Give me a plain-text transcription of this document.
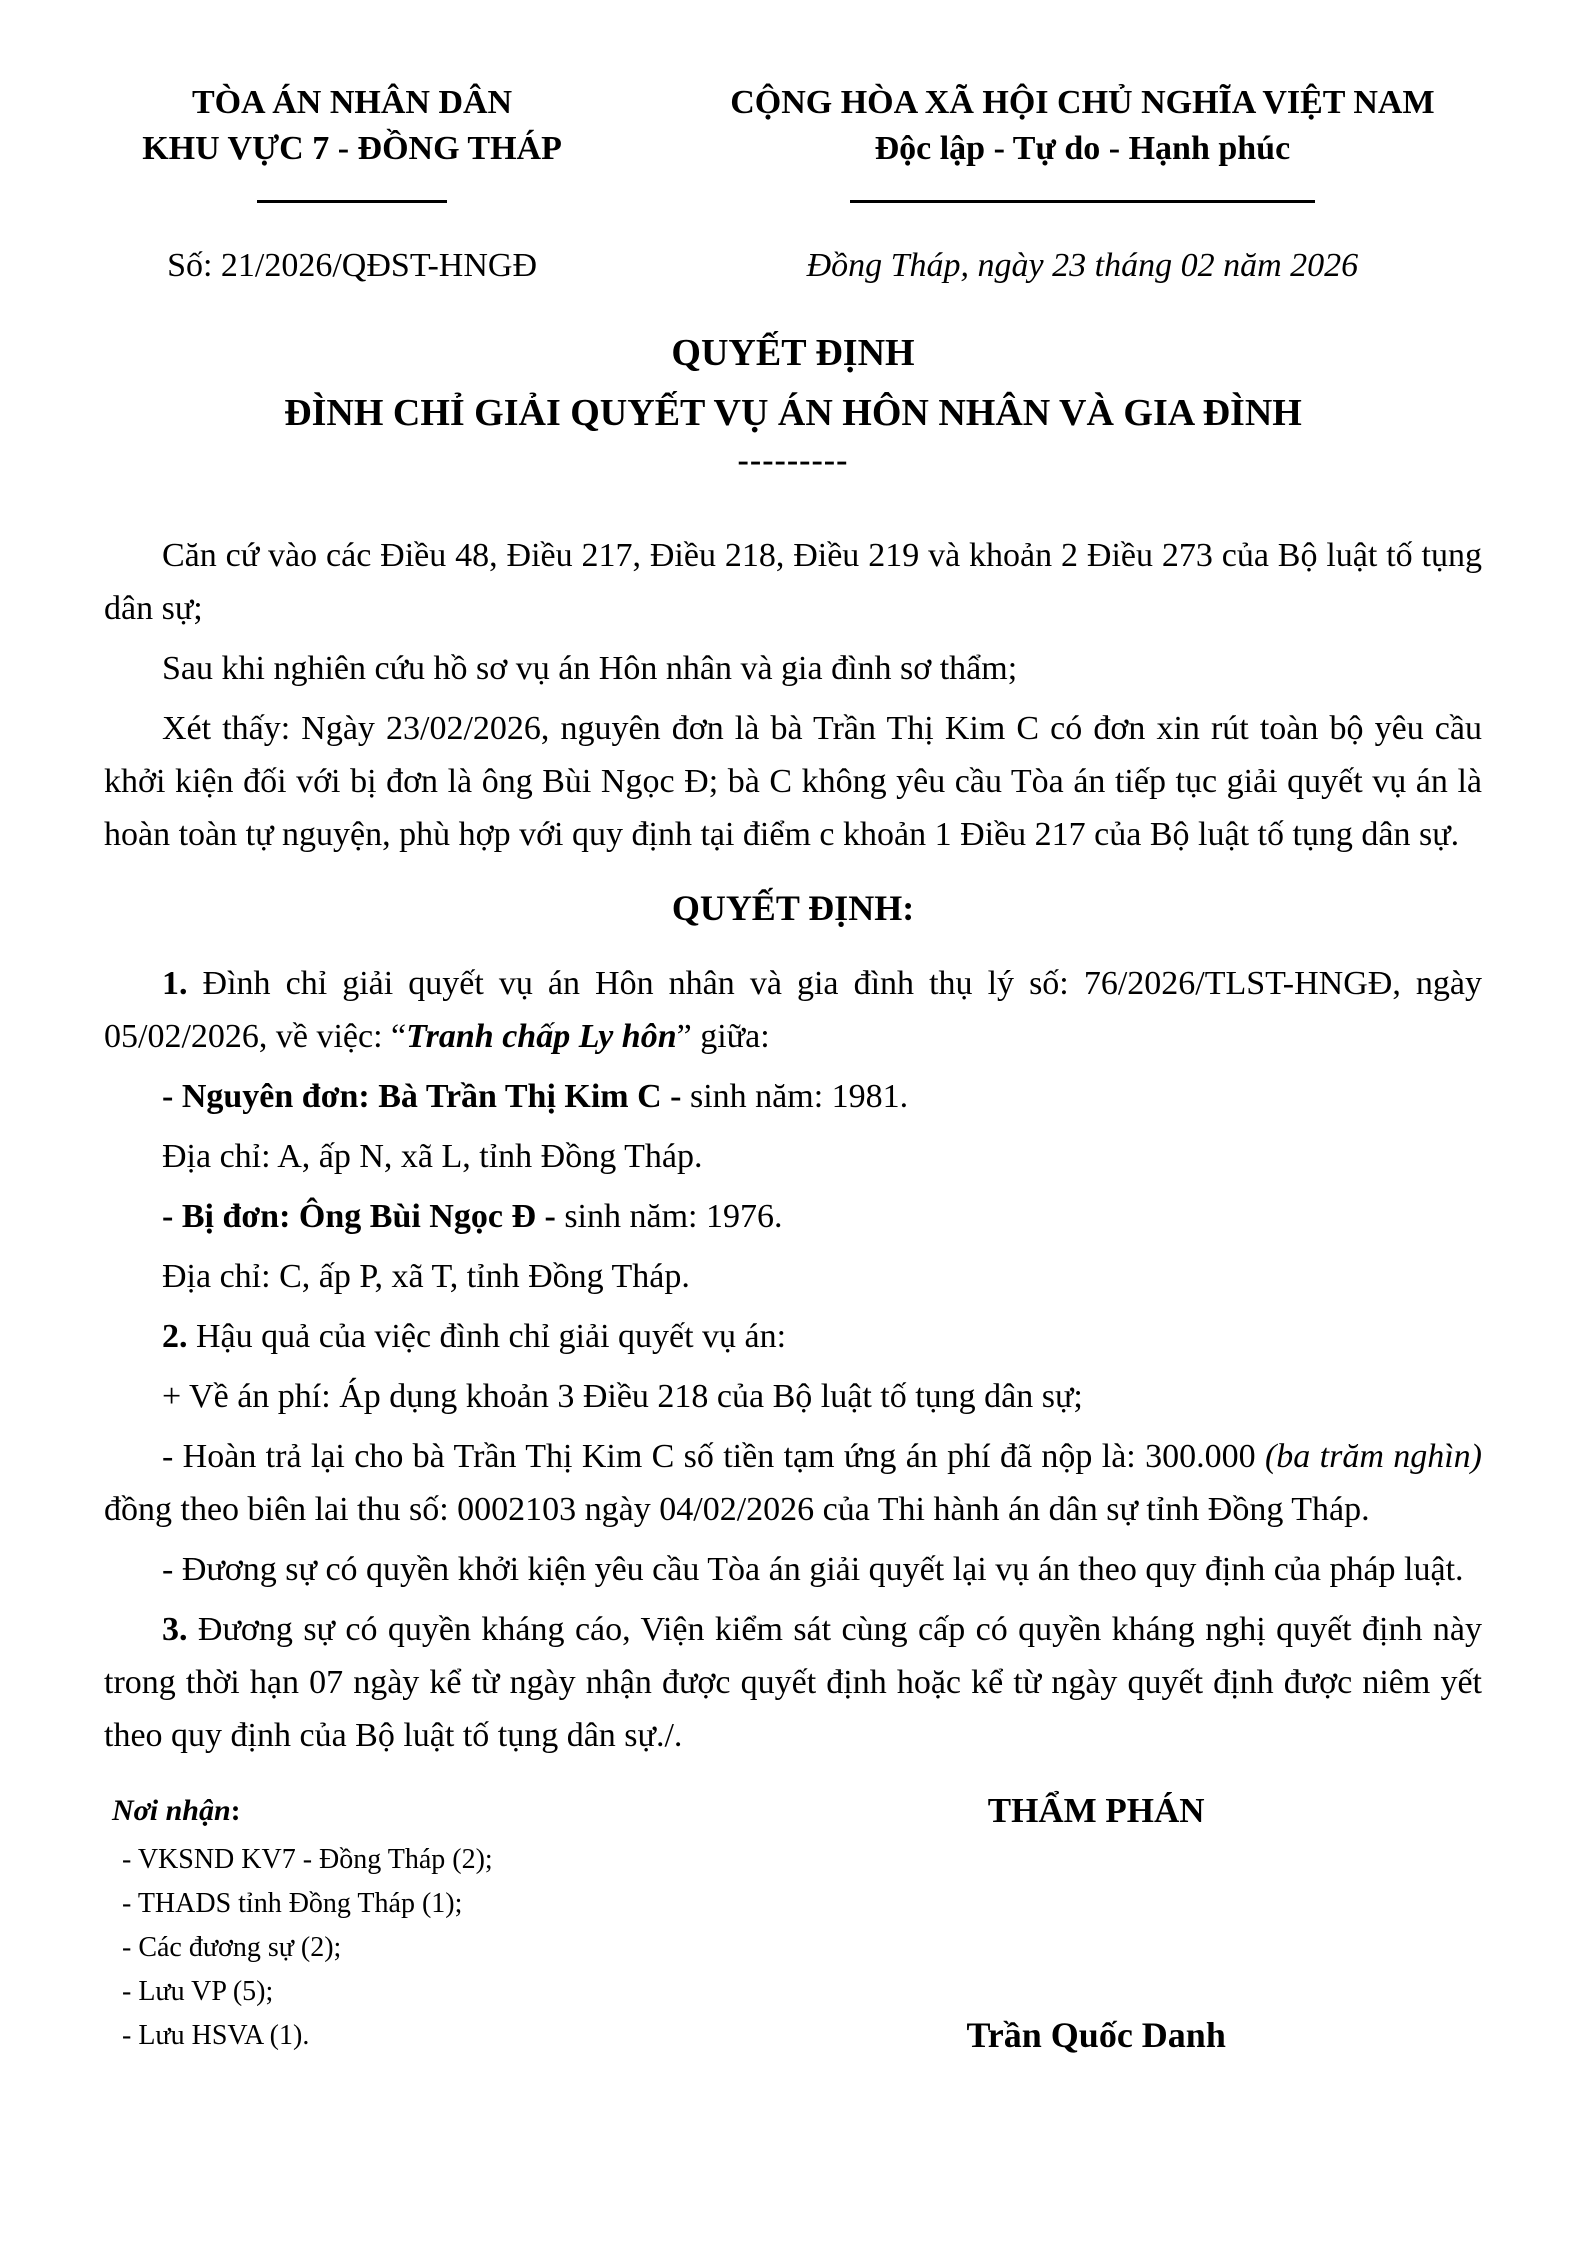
TÒA ÁN NHÂN DÂN
KHU VỰC 7 - ĐỒNG THÁP
CỘNG HÒA XÃ HỘI CHỦ NGHĨA VIỆT NAM
Độc lập - Tự do - Hạnh phúc
Số: 21/2026/QĐST-HNGĐ	Đồng Tháp, ngày 23 tháng 02 năm 2026
QUYẾT ĐỊNH
ĐÌNH CHỈ GIẢI QUYẾT VỤ ÁN HÔN NHÂN VÀ GIA ĐÌNH
---------

Căn cứ vào các Điều 48, Điều 217, Điều 218, Điều 219 và khoản 2 Điều 273 của Bộ luật tố tụng dân sự;

Sau khi nghiên cứu hồ sơ vụ án Hôn nhân và gia đình sơ thẩm;

Xét thấy: Ngày 23/02/2026, nguyên đơn là bà Trần Thị Kim C có đơn xin rút toàn bộ yêu cầu khởi kiện đối với bị đơn là ông Bùi Ngọc Đ; bà C không yêu cầu Tòa án tiếp tục giải quyết vụ án là hoàn toàn tự nguyện, phù hợp với quy định tại điểm c khoản 1 Điều 217 của Bộ luật tố tụng dân sự.

QUYẾT ĐỊNH:

1. Đình chỉ giải quyết vụ án Hôn nhân và gia đình thụ lý số: 76/2026/TLST-HNGĐ, ngày 05/02/2026, về việc: “Tranh chấp Ly hôn” giữa:

- Nguyên đơn: Bà Trần Thị Kim C - sinh năm: 1981.

Địa chỉ: A, ấp N, xã L, tỉnh Đồng Tháp.

- Bị đơn: Ông Bùi Ngọc Đ - sinh năm: 1976.

Địa chỉ: C, ấp P, xã T, tỉnh Đồng Tháp.

2. Hậu quả của việc đình chỉ giải quyết vụ án:

+ Về án phí: Áp dụng khoản 3 Điều 218 của Bộ luật tố tụng dân sự;

- Hoàn trả lại cho bà Trần Thị Kim C số tiền tạm ứng án phí đã nộp là: 300.000 (ba trăm nghìn) đồng theo biên lai thu số: 0002103 ngày 04/02/2026 của Thi hành án dân sự tỉnh Đồng Tháp.

- Đương sự có quyền khởi kiện yêu cầu Tòa án giải quyết lại vụ án theo quy định của pháp luật.

3. Đương sự có quyền kháng cáo, Viện kiểm sát cùng cấp có quyền kháng nghị quyết định này trong thời hạn 07 ngày kể từ ngày nhận được quyết định hoặc kể từ ngày quyết định được niêm yết theo quy định của Bộ luật tố tụng dân sự./.

Nơi nhận:
- VKSND KV7 - Đồng Tháp (2);
- THADS tỉnh Đồng Tháp (1);
- Các đương sự (2);
- Lưu VP (5);
- Lưu HSVA (1).
THẨM PHÁN
Trần Quốc Danh
